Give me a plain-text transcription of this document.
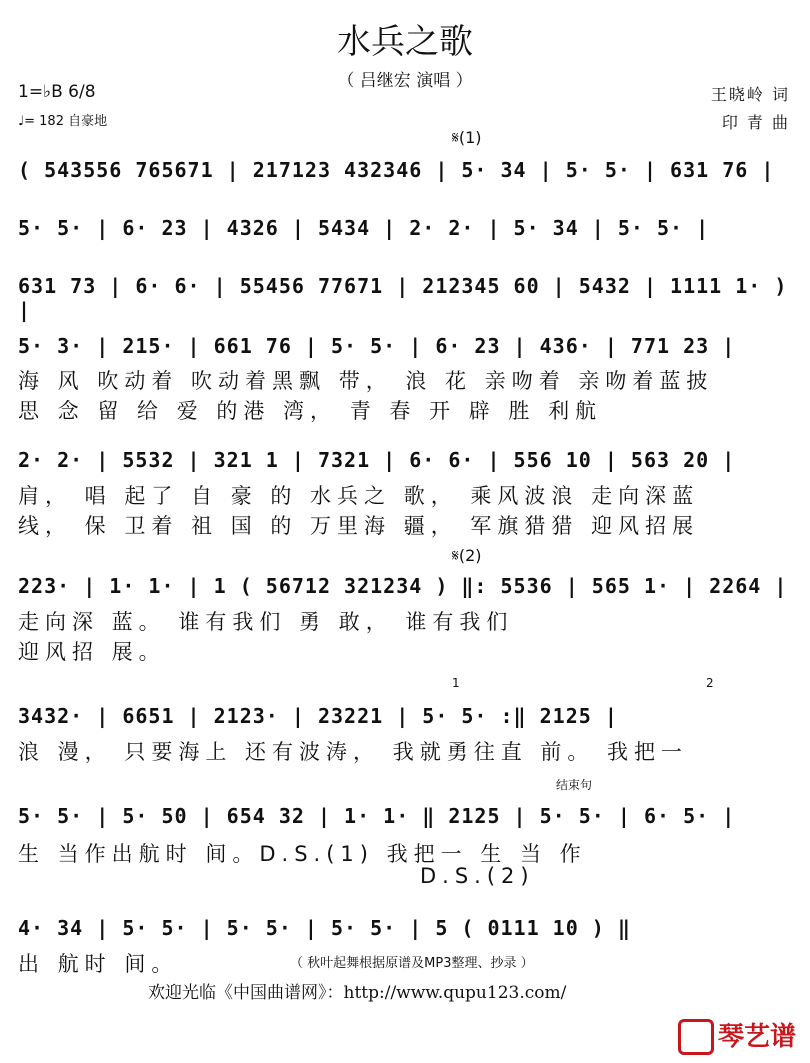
水兵之歌
（ 吕继宏 演唱 ）
1=♭B 6/8
♩= 182 自豪地
王晓岭 词
印 青 曲
𝄋(1)
( 543556 765671 | 217123 432346 | 5· 34 | 5· 5· | 631 76 |
5· 5· | 6· 23 | 4326 | 5434 | 2· 2· | 5· 34 | 5· 5· |
631 73 | 6· 6· | 55456 77671 | 212345 60 | 5432 | 1111 1· ) |
5· 3· | 215· | 661 76 | 5· 5· | 6· 23 | 436· | 771 23 |
海 风 吹动着 吹动着黑飘 带， 浪 花 亲吻着 亲吻着蓝披
思 念 留 给 爱 的港 湾， 青 春 开 辟 胜 利航
2· 2· | 5532 | 321 1 | 7321 | 6· 6· | 556 10 | 563 20 |
肩， 唱 起了 自 豪 的 水兵之 歌， 乘风波浪 走向深蓝
线， 保 卫着 祖 国 的 万里海 疆， 军旗猎猎 迎风招展
𝄋(2)
223· | 1· 1· | 1 ( 56712 321234 ) ‖: 5536 | 565 1· | 2264 |
走向深 蓝。 谁有我们 勇 敢， 谁有我们
迎风招 展。
1	2
3432· | 6651 | 2123· | 23221 | 5· 5· :‖ 2125 |
浪 漫， 只要海上 还有波涛， 我就勇往直 前。 我把一
结束句
5· 5· | 5· 50 | 654 32 | 1· 1· ‖ 2125 | 5· 5· | 6· 5· |
生 当作出航时 间。D.S.(1) 我把一 生 当 作
D.S.(2)
4· 34 | 5· 5· | 5· 5· | 5· 5· | 5 ( 0111 10 ) ‖
出 航时 间。	（ 秋叶起舞根据原谱及MP3整理、抄录 ）
欢迎光临《中国曲谱网》：http://www.qupu123.com/
琴艺谱
